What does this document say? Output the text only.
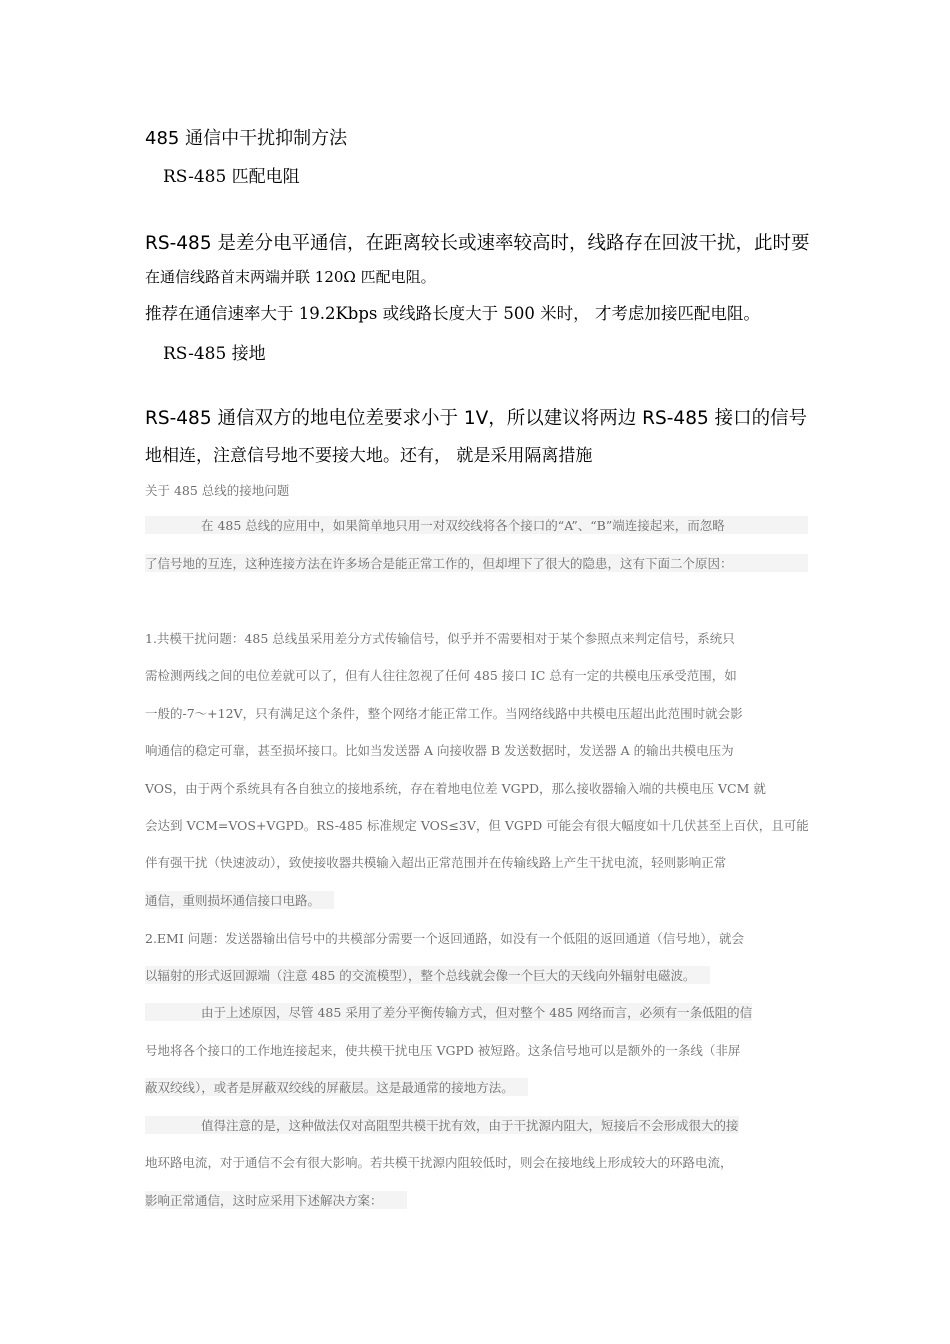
485 通信中干扰抑制方法
RS-485 匹配电阻
RS-485 是差分电平通信，在距离较长或速率较高时，线路存在回波干扰，此时要
在通信线路首末两端并联 120Ω 匹配电阻。
推荐在通信速率大于 19.2Kbps 或线路长度大于 500 米时， 才考虑加接匹配电阻。
RS-485 接地
RS-485 通信双方的地电位差要求小于 1V，所以建议将两边 RS-485 接口的信号
地相连，注意信号地不要接大地。还有， 就是采用隔离措施
关于 485 总线的接地问题
在 485 总线的应用中，如果简单地只用一对双绞线将各个接口的“A”、“B”端连接起来，而忽略
了信号地的互连，这种连接方法在许多场合是能正常工作的，但却埋下了很大的隐患，这有下面二个原因：
1.共模干扰问题：485 总线虽采用差分方式传输信号，似乎并不需要相对于某个参照点来判定信号，系统只
需检测两线之间的电位差就可以了，但有人往往忽视了任何 485 接口 IC 总有一定的共模电压承受范围，如
一般的-7～+12V，只有满足这个条件，整个网络才能正常工作。当网络线路中共模电压超出此范围时就会影
响通信的稳定可靠，甚至损坏接口。比如当发送器 A 向接收器 B 发送数据时，发送器 A 的输出共模电压为
VOS，由于两个系统具有各自独立的接地系统，存在着地电位差 VGPD，那么接收器输入端的共模电压 VCM 就
会达到 VCM=VOS+VGPD。RS-485 标准规定 VOS≤3V，但 VGPD 可能会有很大幅度如十几伏甚至上百伏，且可能
伴有强干扰（快速波动），致使接收器共模输入超出正常范围并在传输线路上产生干扰电流，轻则影响正常
通信，重则损坏通信接口电路。
2.EMI 问题：发送器输出信号中的共模部分需要一个返回通路，如没有一个低阻的返回通道（信号地），就会
以辐射的形式返回源端（注意 485 的交流模型），整个总线就会像一个巨大的天线向外辐射电磁波。
由于上述原因，尽管 485 采用了差分平衡传输方式，但对整个 485 网络而言，必须有一条低阻的信
号地将各个接口的工作地连接起来，使共模干扰电压 VGPD 被短路。这条信号地可以是额外的一条线（非屏
蔽双绞线），或者是屏蔽双绞线的屏蔽层。这是最通常的接地方法。
值得注意的是，这种做法仅对高阻型共模干扰有效，由于干扰源内阻大，短接后不会形成很大的接
地环路电流，对于通信不会有很大影响。若共模干扰源内阻较低时，则会在接地线上形成较大的环路电流，
影响正常通信，这时应采用下述解决方案：
